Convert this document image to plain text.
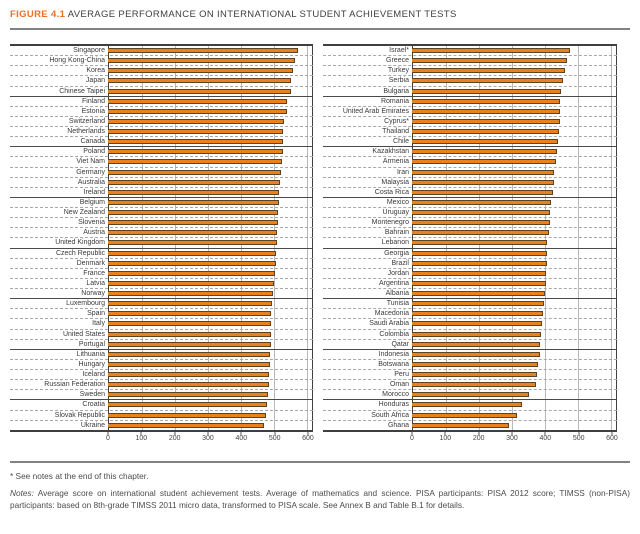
FIGURE 4.1 AVERAGE PERFORMANCE ON INTERNATIONAL STUDENT ACHIEVEMENT TESTS
Singapore
Hong Kong-China
Korea
Japan
Chinese Taipei
Finland
Estonia
Switzerland
Netherlands
Canada
Poland
Viet Nam
Germany
Australia
Ireland
Belgium
New Zealand
Slovenia
Austria
United Kingdom
Czech Republic
Denmark
France
Latvia
Norway
Luxembourg
Spain
Italy
United States
Portugal
Lithuania
Hungary
Iceland
Russian Federation
Sweden
Croatia
Slovak Republic
Ukraine
0	100	200	300	400	500	600
Israel*
Greece
Turkey
Serbia
Bulgaria
Romania
United Arab Emirates
Cyprus*
Thailand
Chile
Kazakhstan
Armenia
Iran
Malaysia
Costa Rica
Mexico
Uruguay
Montenegro
Bahrain
Lebanon
Georgia
Brazil
Jordan
Argentina
Albania
Tunisia
Macedonia
Saudi Arabia
Colombia
Qatar
Indonesia
Botswana
Peru
Oman
Morocco
Honduras
South Africa
Ghana
0	100	200	300	400	500	600
* See notes at the end of this chapter.

Notes: Average score on international student achievement tests. Average of mathematics and science. PISA participants: PISA 2012 score; TIMSS (non-PISA) participants: based on 8th-grade TIMSS 2011 micro data, transformed to PISA scale. See Annex B and Table B.1 for details.
